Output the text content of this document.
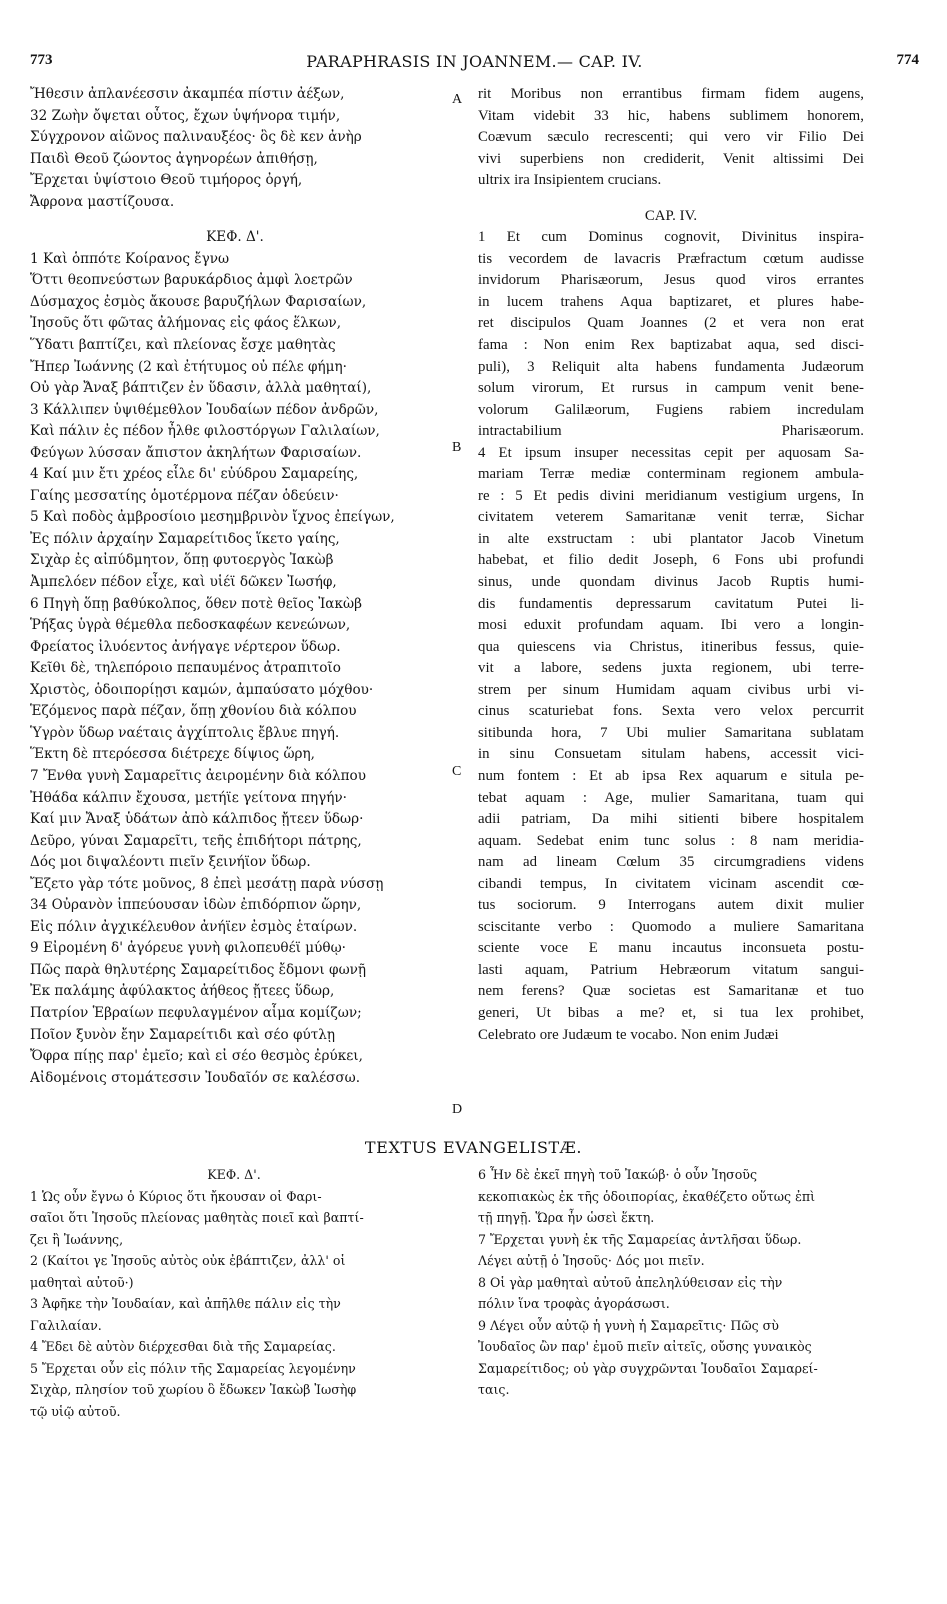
773	PARAPHRASIS IN JOANNEM.— CAP. IV.	774
Ἤθεσιν ἀπλανέεσσιν ἀκαμπέα πίστιν ἀέξων,
32 Ζωὴν ὄψεται οὗτος, ἔχων ὑψήνορα τιμήν,
Σύγχρονον αἰῶνος παλιναυξέος· ὃς δὲ κεν ἀνὴρ
Παιδὶ Θεοῦ ζώοντος ἀγηνορέων ἀπιθήσῃ,
Ἔρχεται ὑψίστοιο Θεοῦ τιμήορος ὀργή,
Ἄφρονα μαστίζουσα.
ΚΕΦ. Δ'.
1 Καὶ ὁππότε Κοίρανος ἔγνω
Ὅττι θεοπνεύστων βαρυκάρδιος ἀμφὶ λοετρῶν
Δύσμαχος ἐσμὸς ἄκουσε βαρυζήλων Φαρισαίων,
Ἰησοῦς ὅτι φῶτας ἀλήμονας εἰς φάος ἕλκων,
Ὕδατι βαπτίζει, καὶ πλείονας ἔσχε μαθητὰς
Ἤπερ Ἰωάννης (2 καὶ ἐτήτυμος οὐ πέλε φήμη·
Οὐ γὰρ Ἄναξ βάπτιζεν ἐν ὕδασιν, ἀλλὰ μαθηταί),
3 Κάλλιπεν ὑψιθέμεθλον Ἰουδαίων πέδον ἀνδρῶν,
Καὶ πάλιν ἐς πέδον ἦλθε φιλοστόργων Γαλιλαίων,
Φεύγων λύσσαν ἄπιστον ἀκηλήτων Φαρισαίων.
4 Καί μιν ἔτι χρέος εἷλε δι' εὐύδρου Σαμαρείης,
Γαίης μεσσατίης ὁμοτέρμονα πέζαν ὁδεύειν·
5 Καὶ ποδὸς ἀμβροσίοιο μεσημβρινὸν ἴχνος ἐπείγων,
Ἐς πόλιν ἀρχαίην Σαμαρείτιδος ἵκετο γαίης,
Σιχὰρ ἐς αἰπύδμητον, ὅπῃ φυτοεργὸς Ἰακὼβ
Ἀμπελόεν πέδον εἶχε, καὶ υἱέϊ δῶκεν Ἰωσήφ,
6 Πηγὴ ὅπῃ βαθύκολπος, ὅθεν ποτὲ θεῖος Ἰακὼβ
Ῥήξας ὑγρὰ θέμεθλα πεδοσκαφέων κενεώνων,
Φρείατος ἰλυόεντος ἀνήγαγε νέρτερον ὕδωρ.
Κεῖθι δὲ, τηλεπόροιο πεπαυμένος ἀτραπιτοῖο
Χριστὸς, ὁδοιπορίῃσι καμών, ἀμπαύσατο μόχθου·
Ἑζόμενος παρὰ πέζαν, ὅπῃ χθονίου διὰ κόλπου
Ὑγρὸν ὕδωρ ναέταις ἀγχίπτολις ἔβλυε πηγή.
Ἕκτη δὲ πτερόεσσα διέτρεχε δίψιος ὥρη,
7 Ἔνθα γυνὴ Σαμαρεῖτις ἀειρομένην διὰ κόλπου
Ἠθάδα κάλπιν ἔχουσα, μετήϊε γείτονα πηγήν·
Καί μιν Ἄναξ ὑδάτων ἀπὸ κάλπιδος ᾔτεεν ὕδωρ·
Δεῦρο, γύναι Σαμαρεῖτι, τεῆς ἐπιδήτορι πάτρης,
Δός μοι διψαλέοντι πιεῖν ξεινήϊον ὕδωρ.
Ἔζετο γὰρ τότε μοῦνος, 8 ἐπεὶ μεσάτῃ παρὰ νύσσῃ
34 Οὐρανὸν ἱππεύουσαν ἰδὼν ἐπιδόρπιον ὥρην,
Εἰς πόλιν ἀγχικέλευθον ἀνήϊεν ἐσμὸς ἑταίρων.
9 Εἰρομένη δ' ἀγόρευε γυνὴ φιλοπευθέϊ μύθῳ·
Πῶς παρὰ θηλυτέρης Σαμαρείτιδος ἔδμονι φωνῇ
Ἐκ παλάμης ἀφύλακτος ἀήθεος ᾔτεες ὕδωρ,
Πατρίον Ἑβραίων πεφυλαγμένον αἷμα κομίζων;
Ποῖον ξυνὸν ἔην Σαμαρείτιδι καὶ σέο φύτλῃ
Ὄφρα πίῃς παρ' ἐμεῖο; καὶ εἰ σέο θεσμὸς ἐρύκει,
Αἰδομένοις στομάτεσσιν Ἰουδαῖόν σε καλέσσω.
rit Moribus non errantibus firmam fidem augens,
Vitam videbit 33 hic, habens sublimem honorem,
Coævum sæculo recrescenti; qui vero vir Filio Dei
vivi superbiens non crediderit, Venit altissimi Dei
ultrix ira Insipientem crucians.
CAP. IV.
1 Et cum Dominus cognovit, Divinitus inspira-
tis vecordem de lavacris Præfractum cœtum audisse
invidorum Pharisæorum, Jesus quod viros errantes
in lucem trahens Aqua baptizaret, et plures habe-
ret discipulos Quam Joannes (2 et vera non erat
fama : Non enim Rex baptizabat aqua, sed disci-
puli), 3 Reliquit alta habens fundamenta Judæorum
solum virorum, Et rursus in campum venit bene-
volorum Galilæorum, Fugiens rabiem incredulam
intractabilium Pharisæorum.
4 Et ipsum insuper necessitas cepit per aquosam Sa-
mariam Terræ mediæ conterminam regionem ambula-
re : 5 Et pedis divini meridianum vestigium urgens, In
civitatem veterem Samaritanæ venit terræ, Sichar
in alte exstructam : ubi plantator Jacob Vinetum
habebat, et filio dedit Joseph, 6 Fons ubi profundi
sinus, unde quondam divinus Jacob Ruptis humi-
dis fundamentis depressarum cavitatum Putei li-
mosi eduxit profundam aquam. Ibi vero a longin-
qua quiescens via Christus, itineribus fessus, quie-
vit a labore, sedens juxta regionem, ubi terre-
strem per sinum Humidam aquam civibus urbi vi-
cinus scaturiebat fons. Sexta vero velox percurrit
sitibunda hora, 7 Ubi mulier Samaritana sublatam
in sinu Consuetam situlam habens, accessit vici-
num fontem : Et ab ipsa Rex aquarum e situla pe-
tebat aquam : Age, mulier Samaritana, tuam qui
adii patriam, Da mihi sitienti bibere hospitalem
aquam. Sedebat enim tunc solus : 8 nam meridia-
nam ad lineam Cœlum 35 circumgradiens videns
cibandi tempus, In civitatem vicinam ascendit cœ-
tus sociorum. 9 Interrogans autem dixit mulier
sciscitante verbo : Quomodo a muliere Samaritana
sciente voce E manu incautus inconsueta postu-
lasti aquam, Patrium Hebræorum vitatum sangui-
nem ferens? Quæ societas est Samaritanæ et tuo
generi, Ut bibas a me? et, si tua lex prohibet,
Celebrato ore Judæum te vocabo. Non enim Judæi
A
B
C
D
TEXTUS EVANGELISTÆ.
ΚΕΦ. Δ'.
1 Ὡς οὖν ἔγνω ὁ Κύριος ὅτι ἤκουσαν οἱ Φαρι-
σαῖοι ὅτι Ἰησοῦς πλείονας μαθητὰς ποιεῖ καὶ βαπτί-
ζει ἢ Ἰωάννης,
2 (Καίτοι γε Ἰησοῦς αὐτὸς οὐκ ἐβάπτιζεν, ἀλλ' οἱ
μαθηταὶ αὐτοῦ·)
3 Ἀφῆκε τὴν Ἰουδαίαν, καὶ ἀπῆλθε πάλιν εἰς τὴν
Γαλιλαίαν.
4 Ἔδει δὲ αὐτὸν διέρχεσθαι διὰ τῆς Σαμαρείας.
5 Ἔρχεται οὖν εἰς πόλιν τῆς Σαμαρείας λεγομένην
Σιχὰρ, πλησίον τοῦ χωρίου ὃ ἔδωκεν Ἰακὼβ Ἰωσὴφ
τῷ υἱῷ αὐτοῦ.
6 Ἦν δὲ ἐκεῖ πηγὴ τοῦ Ἰακώβ· ὁ οὖν Ἰησοῦς
κεκοπιακὼς ἐκ τῆς ὁδοιπορίας, ἐκαθέζετο οὕτως ἐπὶ
τῇ πηγῇ. Ὥρα ἦν ὡσεὶ ἕκτη.
7 Ἔρχεται γυνὴ ἐκ τῆς Σαμαρείας ἀντλῆσαι ὕδωρ.
Λέγει αὐτῇ ὁ Ἰησοῦς· Δός μοι πιεῖν.
8 Οἱ γὰρ μαθηταὶ αὐτοῦ ἀπεληλύθεισαν εἰς τὴν
πόλιν ἵνα τροφὰς ἀγοράσωσι.
9 Λέγει οὖν αὐτῷ ἡ γυνὴ ἡ Σαμαρεῖτις· Πῶς σὺ
Ἰουδαῖος ὢν παρ' ἐμοῦ πιεῖν αἰτεῖς, οὔσης γυναικὸς
Σαμαρείτιδος; οὐ γὰρ συγχρῶνται Ἰουδαῖοι Σαμαρεί-
ταις.
